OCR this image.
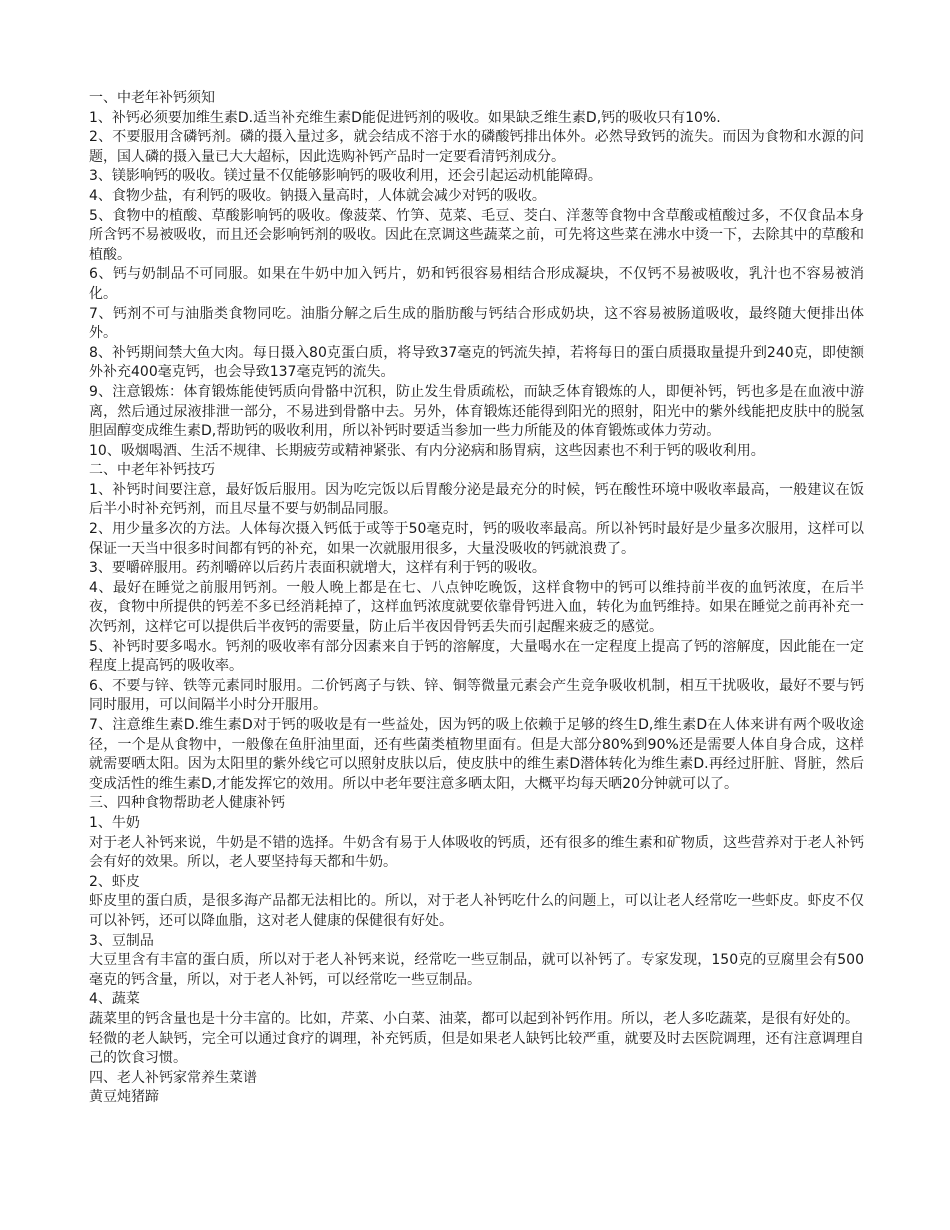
一、中老年补钙须知

1、补钙必须要加维生素D.适当补充维生素D能促进钙剂的吸收。如果缺乏维生素D,钙的吸收只有10%.

2、不要服用含磷钙剂。磷的摄入量过多，就会结成不溶于水的磷酸钙排出体外。必然导致钙的流失。而因为食物和水源的问题，国人磷的摄入量已大大超标，因此选购补钙产品时一定要看清钙剂成分。

3、镁影响钙的吸收。镁过量不仅能够影响钙的吸收利用，还会引起运动机能障碍。

4、食物少盐，有利钙的吸收。钠摄入量高时，人体就会减少对钙的吸收。

5、食物中的植酸、草酸影响钙的吸收。像菠菜、竹笋、苋菜、毛豆、茭白、洋葱等食物中含草酸或植酸过多，不仅食品本身所含钙不易被吸收，而且还会影响钙剂的吸收。因此在烹调这些蔬菜之前，可先将这些菜在沸水中烫一下，去除其中的草酸和植酸。

6、钙与奶制品不可同服。如果在牛奶中加入钙片，奶和钙很容易相结合形成凝块，不仅钙不易被吸收，乳汁也不容易被消化。

7、钙剂不可与油脂类食物同吃。油脂分解之后生成的脂肪酸与钙结合形成奶块，这不容易被肠道吸收，最终随大便排出体外。

8、补钙期间禁大鱼大肉。每日摄入80克蛋白质，将导致37毫克的钙流失掉，若将每日的蛋白质摄取量提升到240克，即使额外补充400毫克钙，也会导致137毫克钙的流失。

9、注意锻炼：体育锻炼能使钙质向骨骼中沉积，防止发生骨质疏松，而缺乏体育锻炼的人，即便补钙，钙也多是在血液中游离，然后通过尿液排泄一部分，不易进到骨骼中去。另外，体育锻炼还能得到阳光的照射，阳光中的紫外线能把皮肤中的脱氢胆固醇变成维生素D,帮助钙的吸收利用，所以补钙时要适当参加一些力所能及的体育锻炼或体力劳动。

10、吸烟喝酒、生活不规律、长期疲劳或精神紧张、有内分泌病和肠胃病，这些因素也不利于钙的吸收利用。

二、中老年补钙技巧

1、补钙时间要注意，最好饭后服用。因为吃完饭以后胃酸分泌是最充分的时候，钙在酸性环境中吸收率最高，一般建议在饭后半小时补充钙剂，而且尽量不要与奶制品同服。

2、用少量多次的方法。人体每次摄入钙低于或等于50毫克时，钙的吸收率最高。所以补钙时最好是少量多次服用，这样可以保证一天当中很多时间都有钙的补充，如果一次就服用很多，大量没吸收的钙就浪费了。

3、要嚼碎服用。药剂嚼碎以后药片表面积就增大，这样有利于钙的吸收。

4、最好在睡觉之前服用钙剂。一般人晚上都是在七、八点钟吃晚饭，这样食物中的钙可以维持前半夜的血钙浓度，在后半夜，食物中所提供的钙差不多已经消耗掉了，这样血钙浓度就要依靠骨钙进入血，转化为血钙维持。如果在睡觉之前再补充一次钙剂，这样它可以提供后半夜钙的需要量，防止后半夜因骨钙丢失而引起醒来疲乏的感觉。

5、补钙时要多喝水。钙剂的吸收率有部分因素来自于钙的溶解度，大量喝水在一定程度上提高了钙的溶解度，因此能在一定程度上提高钙的吸收率。

6、不要与锌、铁等元素同时服用。二价钙离子与铁、锌、铜等微量元素会产生竞争吸收机制，相互干扰吸收，最好不要与钙同时服用，可以间隔半小时分开服用。

7、注意维生素D.维生素D对于钙的吸收是有一些益处，因为钙的吸上依赖于足够的终生D,维生素D在人体来讲有两个吸收途径，一个是从食物中，一般像在鱼肝油里面，还有些菌类植物里面有。但是大部分80%到90%还是需要人体自身合成，这样就需要晒太阳。因为太阳里的紫外线它可以照射皮肤以后，使皮肤中的维生素D潜体转化为维生素D.再经过肝脏、肾脏，然后变成活性的维生素D,才能发挥它的效用。所以中老年要注意多晒太阳，大概平均每天晒20分钟就可以了。

三、四种食物帮助老人健康补钙

1、牛奶

对于老人补钙来说，牛奶是不错的选择。牛奶含有易于人体吸收的钙质，还有很多的维生素和矿物质，这些营养对于老人补钙会有好的效果。所以，老人要坚持每天都和牛奶。

2、虾皮

虾皮里的蛋白质，是很多海产品都无法相比的。所以，对于老人补钙吃什么的问题上，可以让老人经常吃一些虾皮。虾皮不仅可以补钙，还可以降血脂，这对老人健康的保健很有好处。

3、豆制品

大豆里含有丰富的蛋白质，所以对于老人补钙来说，经常吃一些豆制品，就可以补钙了。专家发现，150克的豆腐里会有500毫克的钙含量，所以，对于老人补钙，可以经常吃一些豆制品。

4、蔬菜

蔬菜里的钙含量也是十分丰富的。比如，芹菜、小白菜、油菜，都可以起到补钙作用。所以，老人多吃蔬菜，是很有好处的。

轻微的老人缺钙，完全可以通过食疗的调理，补充钙质，但是如果老人缺钙比较严重，就要及时去医院调理，还有注意调理自己的饮食习惯。

四、老人补钙家常养生菜谱

黄豆炖猪蹄
